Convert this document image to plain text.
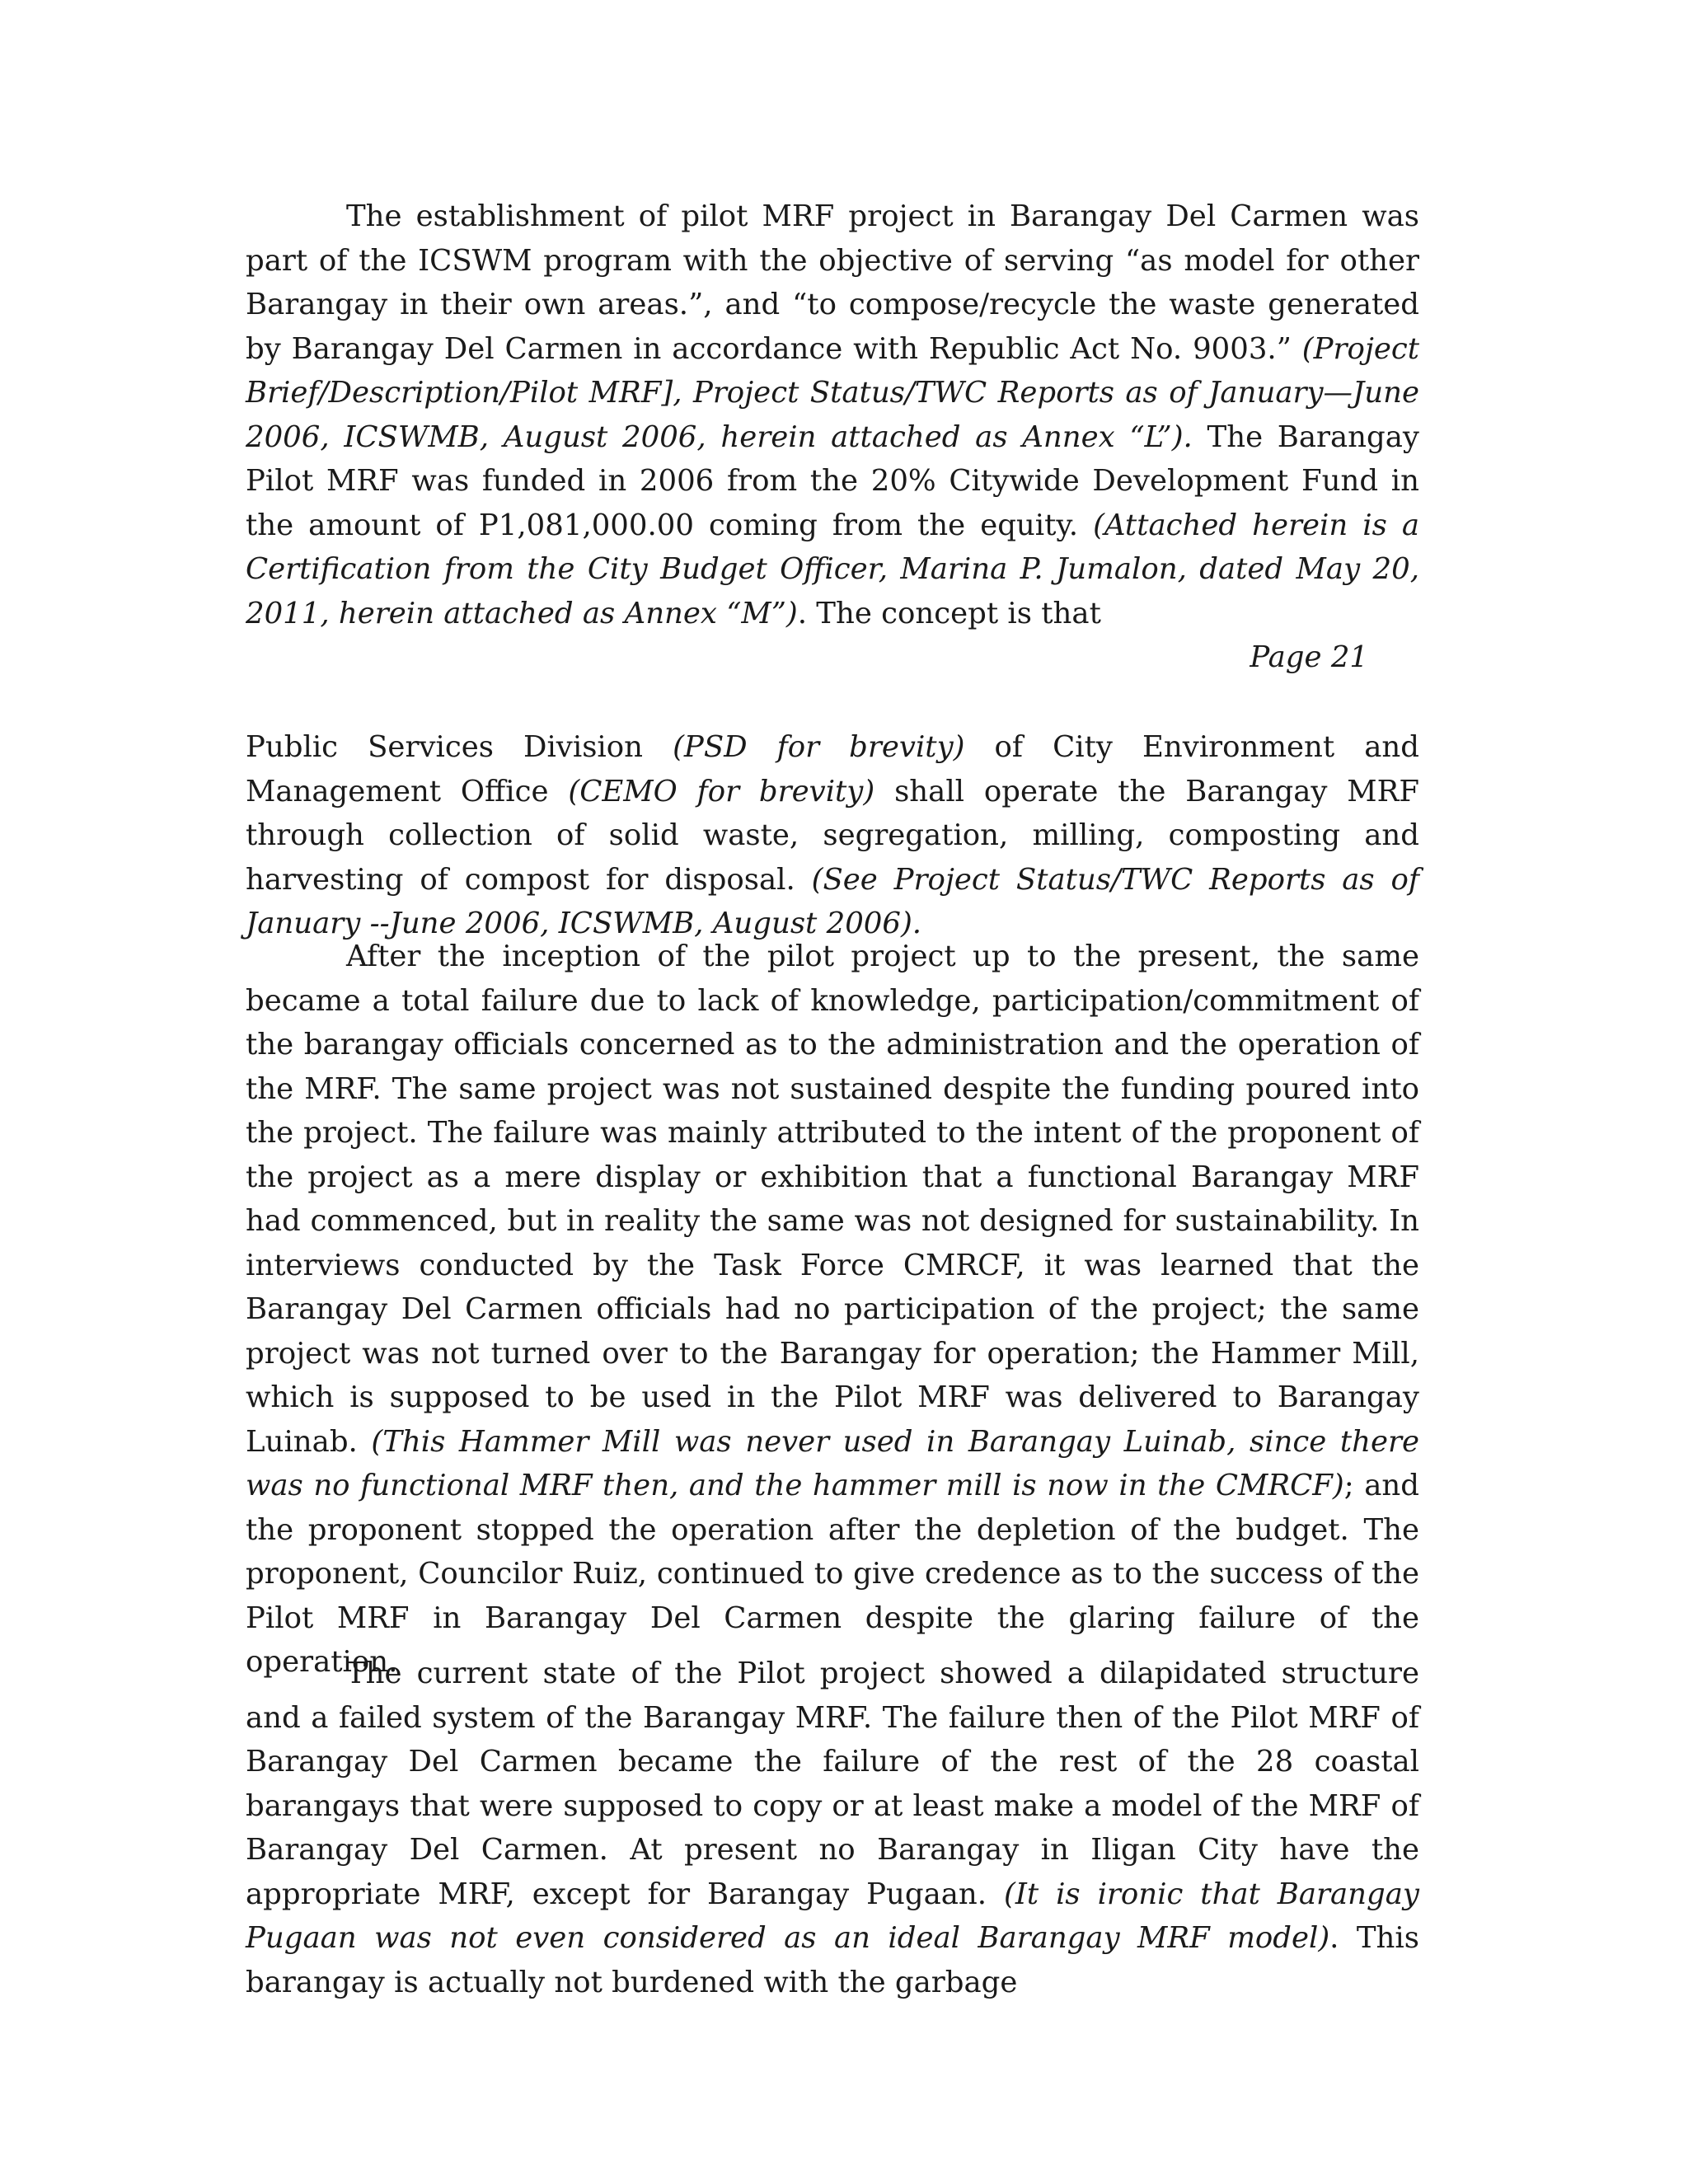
The establishment of pilot MRF project in Barangay Del Carmen was part of the ICSWM program with the objective of serving “as model for other Barangay in their own areas.”, and “to compose/recycle the waste generated by Barangay Del Carmen in accordance with Republic Act No. 9003.” (Project Brief/Description/Pilot MRF], Project Status/TWC Reports as of January—June 2006, ICSWMB, August 2006, herein attached as Annex “L”). The Barangay Pilot MRF was funded in 2006 from the 20% Citywide Development Fund in the amount of P1,081,000.00 coming from the equity. (Attached herein is a Certification from the City Budget Officer, Marina P. Jumalon, dated May 20, 2011, herein attached as Annex “M”). The concept is that

Page 21

Public Services Division (PSD for brevity) of City Environment and Management Office (CEMO for brevity) shall operate the Barangay MRF through collection of solid waste, segregation, milling, composting and harvesting of compost for disposal. (See Project Status/TWC Reports as of January --June 2006, ICSWMB, August 2006).

After the inception of the pilot project up to the present, the same became a total failure due to lack of knowledge, participation/commitment of the barangay officials concerned as to the administration and the operation of the MRF. The same project was not sustained despite the funding poured into the project. The failure was mainly attributed to the intent of the proponent of the project as a mere display or exhibition that a functional Barangay MRF had commenced, but in reality the same was not designed for sustainability. In interviews conducted by the Task Force CMRCF, it was learned that the Barangay Del Carmen officials had no participation of the project; the same project was not turned over to the Barangay for operation; the Hammer Mill, which is supposed to be used in the Pilot MRF was delivered to Barangay Luinab. (This Hammer Mill was never used in Barangay Luinab, since there was no functional MRF then, and the hammer mill is now in the CMRCF); and the proponent stopped the operation after the depletion of the budget. The proponent, Councilor Ruiz, continued to give credence as to the success of the Pilot MRF in Barangay Del Carmen despite the glaring failure of the operation.

The current state of the Pilot project showed a dilapidated structure and a failed system of the Barangay MRF. The failure then of the Pilot MRF of Barangay Del Carmen became the failure of the rest of the 28 coastal barangays that were supposed to copy or at least make a model of the MRF of Barangay Del Carmen. At present no Barangay in Iligan City have the appropriate MRF, except for Barangay Pugaan. (It is ironic that Barangay Pugaan was not even considered as an ideal Barangay MRF model). This barangay is actually not burdened with the garbage
